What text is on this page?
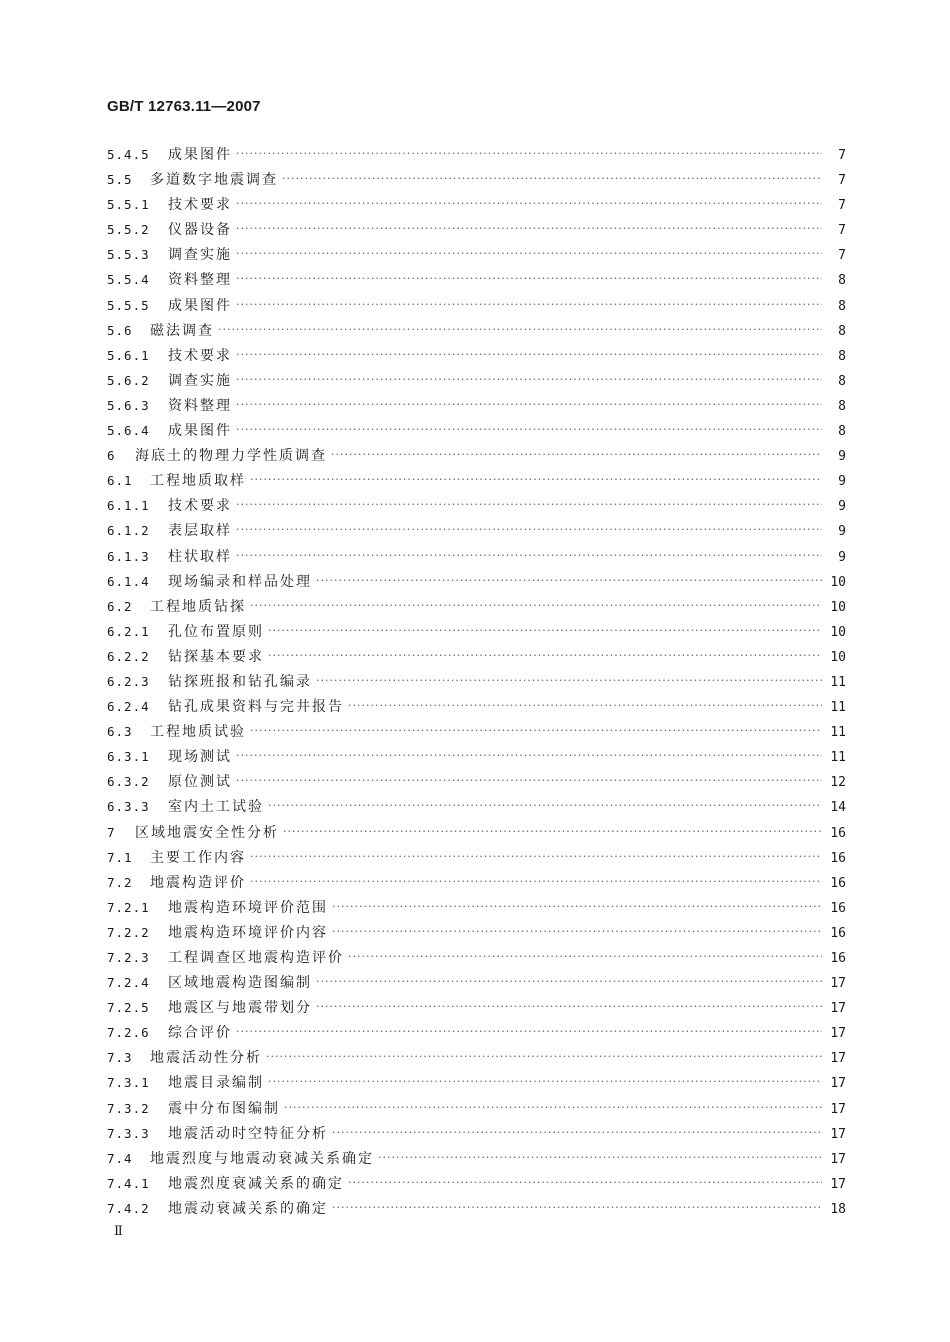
GB/T 12763.11—2007
5.4.5	成果图件 ·····	7
5.5	多道数字地震调查 ·····	7
5.5.1	技术要求 ·····	7
5.5.2	仪器设备 ·····	7
5.5.3	调查实施 ·····	7
5.5.4	资料整理 ·····	8
5.5.5	成果图件 ·····	8
5.6	磁法调查 ·····	8
5.6.1	技术要求 ·····	8
5.6.2	调查实施 ·····	8
5.6.3	资料整理 ·····	8
5.6.4	成果图件 ·····	8
6	海底土的物理力学性质调查 ·····	9
6.1	工程地质取样 ·····	9
6.1.1	技术要求 ·····	9
6.1.2	表层取样 ·····	9
6.1.3	柱状取样 ·····	9
6.1.4	现场编录和样品处理 ·····	10
6.2	工程地质钻探 ·····	10
6.2.1	孔位布置原则 ·····	10
6.2.2	钻探基本要求 ·····	10
6.2.3	钻探班报和钻孔编录 ·····	11
6.2.4	钻孔成果资料与完井报告 ·····	11
6.3	工程地质试验 ·····	11
6.3.1	现场测试 ·····	11
6.3.2	原位测试 ·····	12
6.3.3	室内土工试验 ·····	14
7	区域地震安全性分析 ·····	16
7.1	主要工作内容 ·····	16
7.2	地震构造评价 ·····	16
7.2.1	地震构造环境评价范围 ·····	16
7.2.2	地震构造环境评价内容 ·····	16
7.2.3	工程调查区地震构造评价 ·····	16
7.2.4	区域地震构造图编制 ·····	17
7.2.5	地震区与地震带划分 ·····	17
7.2.6	综合评价 ·····	17
7.3	地震活动性分析 ·····	17
7.3.1	地震目录编制 ·····	17
7.3.2	震中分布图编制 ·····	17
7.3.3	地震活动时空特征分析 ·····	17
7.4	地震烈度与地震动衰减关系确定 ·····	17
7.4.1	地震烈度衰减关系的确定 ·····	17
7.4.2	地震动衰减关系的确定 ·····	18
Ⅱ
